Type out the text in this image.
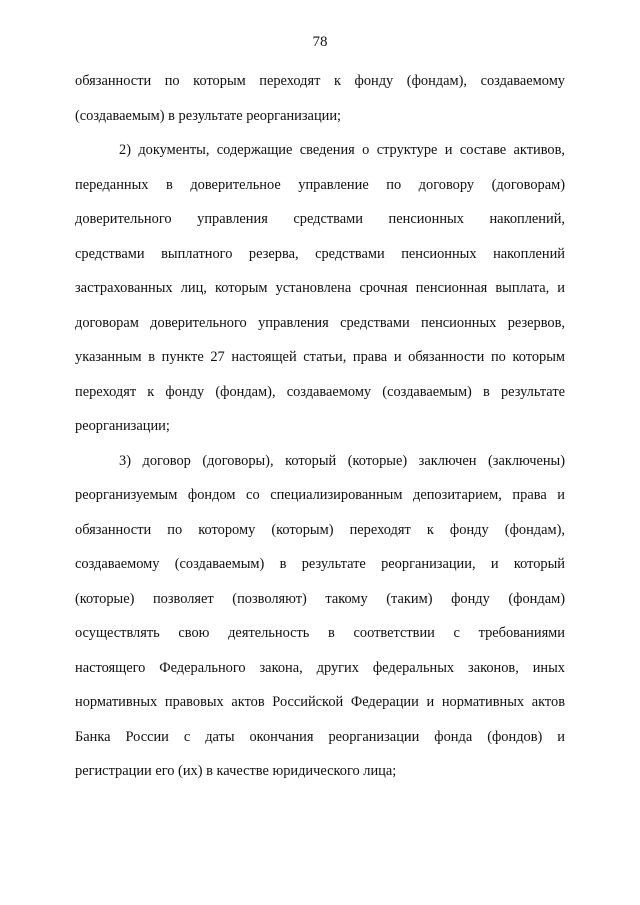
78
обязанности по которым переходят к фонду (фондам), создаваемому
(создаваемым) в результате реорганизации;
2) документы, содержащие сведения о структуре и составе активов,
переданных в доверительное управление по договору (договорам)
доверительного управления средствами пенсионных накоплений,
средствами выплатного резерва, средствами пенсионных накоплений
застрахованных лиц, которым установлена срочная пенсионная выплата, и
договорам доверительного управления средствами пенсионных резервов,
указанным в пункте 27 настоящей статьи, права и обязанности по которым
переходят к фонду (фондам), создаваемому (создаваемым) в результате
реорганизации;
3) договор (договоры), который (которые) заключен (заключены)
реорганизуемым фондом со специализированным депозитарием, права и
обязанности по которому (которым) переходят к фонду (фондам),
создаваемому (создаваемым) в результате реорганизации, и который
(которые) позволяет (позволяют) такому (таким) фонду (фондам)
осуществлять свою деятельность в соответствии с требованиями
настоящего Федерального закона, других федеральных законов, иных
нормативных правовых актов Российской Федерации и нормативных актов
Банка России с даты окончания реорганизации фонда (фондов) и
регистрации его (их) в качестве юридического лица;
